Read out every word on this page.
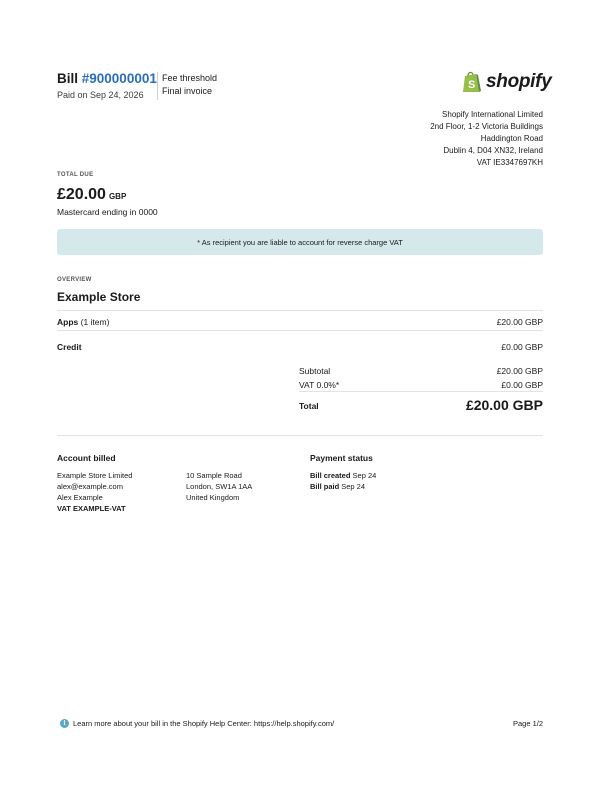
Bill #900000001
Paid on Sep 24, 2026
Fee threshold
Final invoice	S shopify
Shopify International Limited
2nd Floor, 1-2 Victoria Buildings
Haddington Road
Dublin 4, D04 XN32, Ireland
VAT IE3347697KH
TOTAL DUE
£20.00 GBP
Mastercard ending in 0000
* As recipient you are liable to account for reverse charge VAT
OVERVIEW
Example Store
Apps (1 item)	£20.00 GBP
Credit	£0.00 GBP
Subtotal	£20.00 GBP
VAT 0.0%*	£0.00 GBP
Total	£20.00 GBP
Account billed
Example Store Limited
alex@example.com
Alex Example
VAT EXAMPLE-VAT
10 Sample Road
London, SW1A 1AA
United Kingdom
Payment status
Bill created Sep 24
Bill paid Sep 24
i Learn more about your bill in the Shopify Help Center: https://help.shopify.com/	Page 1/2
